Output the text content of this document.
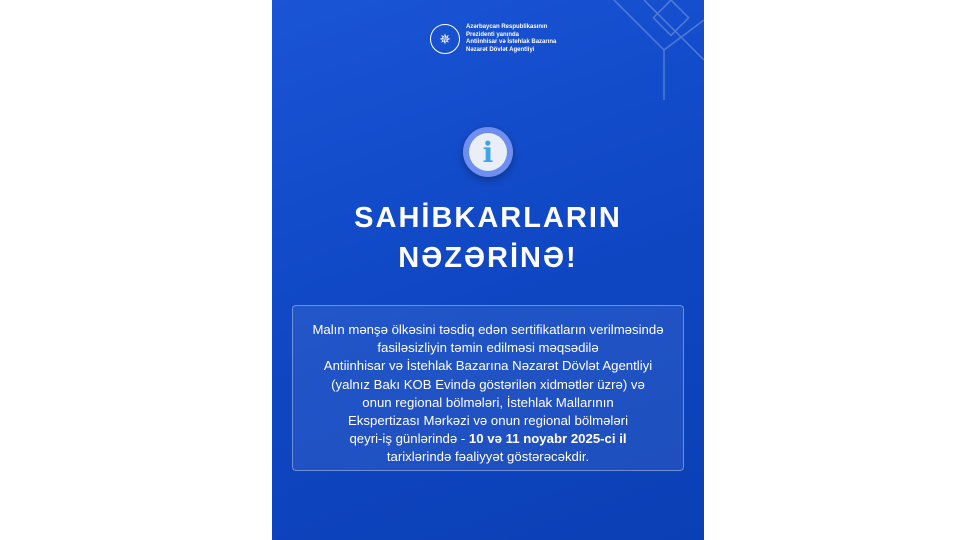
✵
Azərbaycan Respublikasının
Prezidenti yanında
Antiinhisar və İstehlak Bazarına
Nəzarət Dövlət Agentliyi
i
SAHİBKARLARIN
NƏZƏRİNƏ!
Malın mənşə ölkəsini təsdiq edən sertifikatların verilməsində
fasiləsizliyin təmin edilməsi məqsədilə
Antiinhisar və İstehlak Bazarına Nəzarət Dövlət Agentliyi
(yalnız Bakı KOB Evində göstərilən xidmətlər üzrə) və
onun regional bölmələri, İstehlak Mallarının
Ekspertizası Mərkəzi və onun regional bölmələri
qeyri-iş günlərində - 10 və 11 noyabr 2025-ci il
tarixlərində fəaliyyət göstərəcəkdir.
